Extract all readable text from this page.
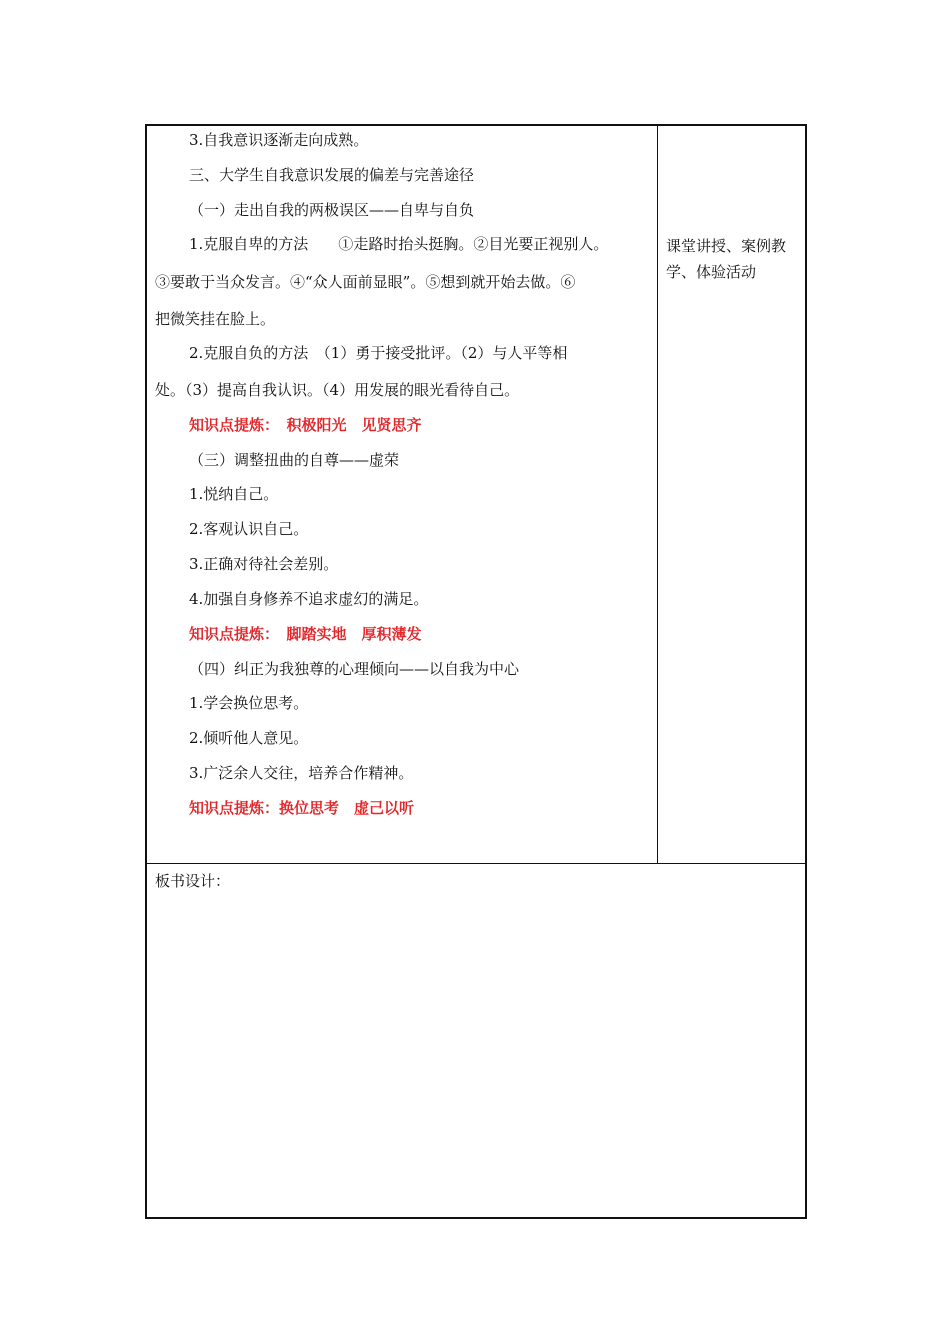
3.自我意识逐渐走向成熟。
三、大学生自我意识发展的偏差与完善途径
（一）走出自我的两极误区——自卑与自负
1.克服自卑的方法　　①走路时抬头挺胸。②目光要正视别人。
③要敢于当众发言。④“众人面前显眼”。⑤想到就开始去做。⑥
把微笑挂在脸上。
2.克服自负的方法　（1）勇于接受批评。（2）与人平等相
处。（3）提高自我认识。（4）用发展的眼光看待自己。
知识点提炼：　积极阳光　见贤思齐
（三）调整扭曲的自尊——虚荣
1.悦纳自己。
2.客观认识自己。
3.正确对待社会差别。
4.加强自身修养不追求虚幻的满足。
知识点提炼：　脚踏实地　厚积薄发
（四）纠正为我独尊的心理倾向——以自我为中心
1.学会换位思考。
2.倾听他人意见。
3.广泛余人交往，培养合作精神。
知识点提炼：换位思考　虚己以听
课堂讲授、案例教学、体验活动
板书设计：
